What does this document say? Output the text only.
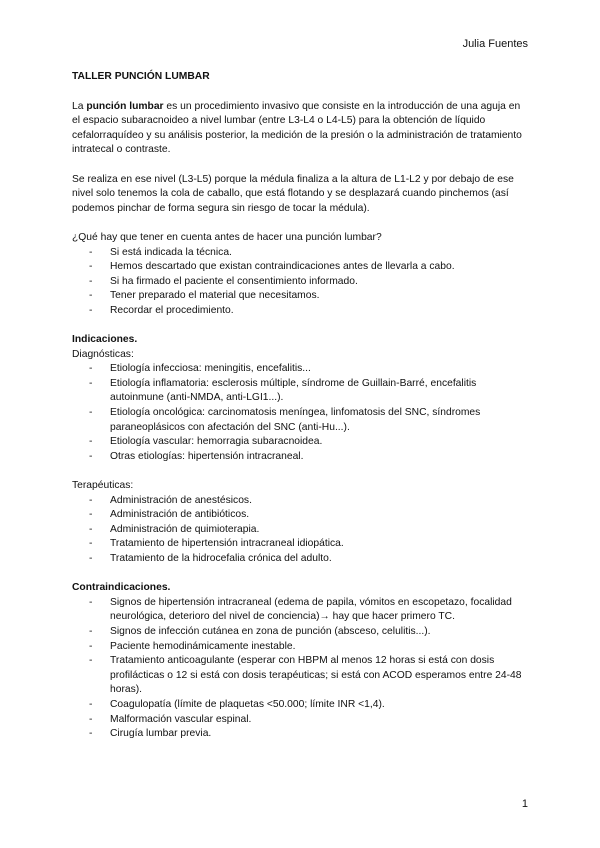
Julia Fuentes
TALLER PUNCIÓN LUMBAR

La punción lumbar es un procedimiento invasivo que consiste en la introducción de una aguja en el espacio subaracnoideo a nivel lumbar (entre L3-L4 o L4-L5) para la obtención de líquido cefalorraquídeo y su análisis posterior, la medición de la presión o la administración de tratamiento intratecal o contraste.

Se realiza en ese nivel (L3-L5) porque la médula finaliza a la altura de L1-L2 y por debajo de ese nivel solo tenemos la cola de caballo, que está flotando y se desplazará cuando pinchemos (así podemos pinchar de forma segura sin riesgo de tocar la médula).

¿Qué hay que tener en cuenta antes de hacer una punción lumbar?
- Si está indicada la técnica.
- Hemos descartado que existan contraindicaciones antes de llevarla a cabo.
- Si ha firmado el paciente el consentimiento informado.
- Tener preparado el material que necesitamos.
- Recordar el procedimiento.
Indicaciones.
Diagnósticas:
- Etiología infecciosa: meningitis, encefalitis...
- Etiología inflamatoria: esclerosis múltiple, síndrome de Guillain-Barré, encefalitis autoinmune (anti-NMDA, anti-LGI1...).
- Etiología oncológica: carcinomatosis meníngea, linfomatosis del SNC, síndromes paraneoplásicos con afectación del SNC (anti-Hu...).
- Etiología vascular: hemorragia subaracnoidea.
- Otras etiologías: hipertensión intracraneal.
Terapéuticas:
- Administración de anestésicos.
- Administración de antibióticos.
- Administración de quimioterapia.
- Tratamiento de hipertensión intracraneal idiopática.
- Tratamiento de la hidrocefalia crónica del adulto.
Contraindicaciones.
- Signos de hipertensión intracraneal (edema de papila, vómitos en escopetazo, focalidad neurológica, deterioro del nivel de conciencia)→ hay que hacer primero TC.
- Signos de infección cutánea en zona de punción (absceso, celulitis...).
- Paciente hemodinámicamente inestable.
- Tratamiento anticoagulante (esperar con HBPM al menos 12 horas si está con dosis profilácticas o 12 si está con dosis terapéuticas; si está con ACOD esperamos entre 24-48 horas).
- Coagulopatía (límite de plaquetas <50.000; límite INR <1,4).
- Malformación vascular espinal.
- Cirugía lumbar previa.
1
